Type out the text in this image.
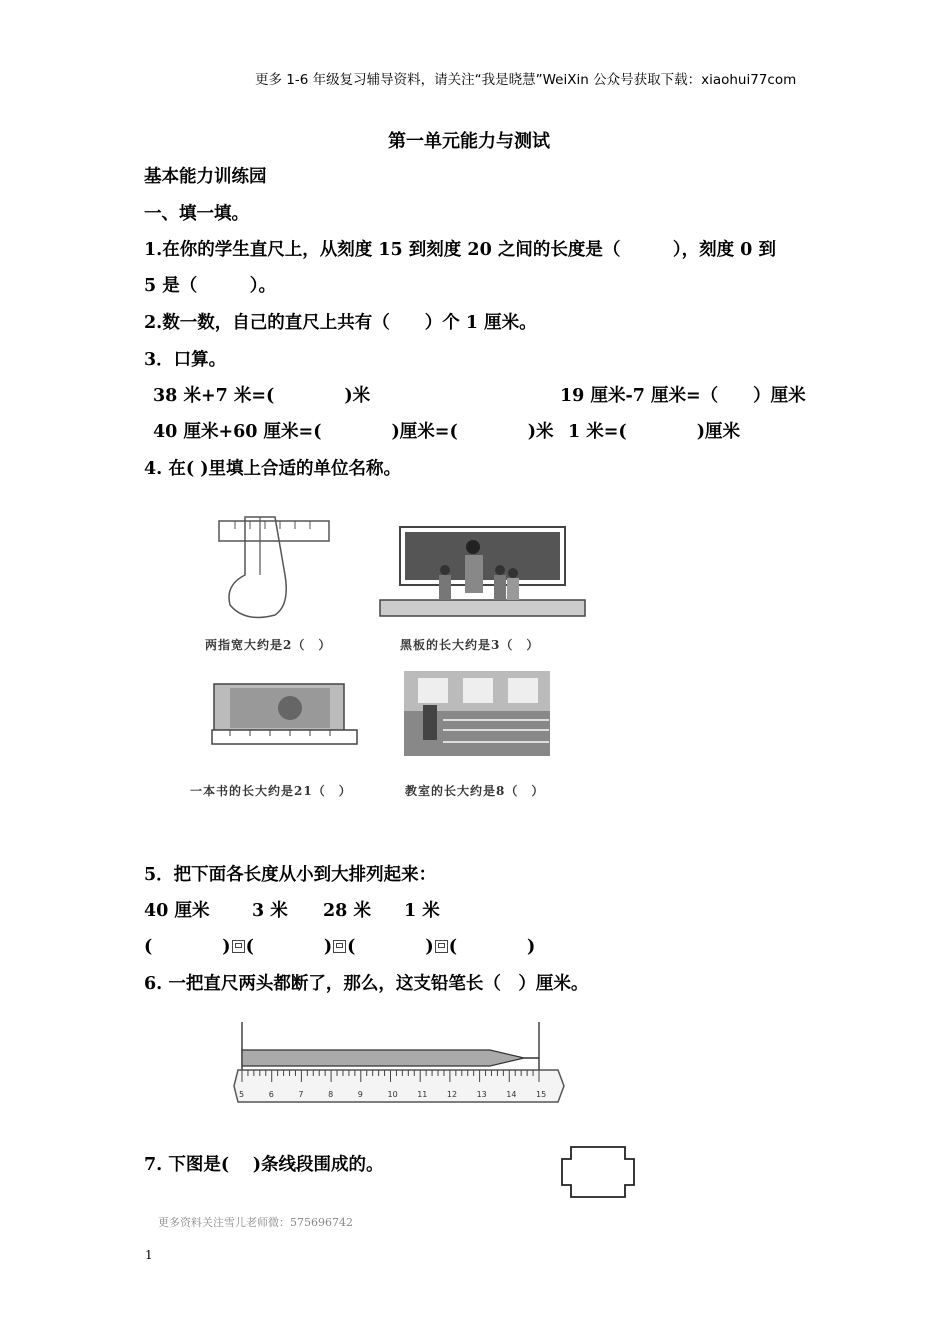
更多 1-6 年级复习辅导资料，请关注“我是晓慧”WeiXin 公众号获取下载：xiaohui77com
第一单元能力与测试
基本能力训练园
一、填一填。
1.在你的学生直尺上，从刻度 15 到刻度 20 之间的长度是（　　　），刻度 0 到
5 是（　　　）。
2.数一数，自己的直尺上共有（　　）个 1 厘米。
3．口算。
38 米+7 米=(　　　　)米	19 厘米-7 厘米=（　　）厘米
40 厘米+60 厘米=(　　　　)厘米=(　　　　)米 1 米=(　　　　)厘米
4. 在( )里填上合适的单位名称。
两指宽大约是2（　）	黑板的长大约是3（　）
一本书的长大约是21（　）	教室的长大约是8（　）
5．把下面各长度从小到大排列起来：
40 厘米 3 米 28 米 1 米
(　　　　) (　　　　) (　　　　) (　　　　)
6. 一把直尺两头都断了，那么，这支铅笔长（　）厘米。
5	6	7	8	9	10 11 12 13 14 15
7. 下图是(　 )条线段围成的。
更多资料关注雪儿老师微：575696742
1
